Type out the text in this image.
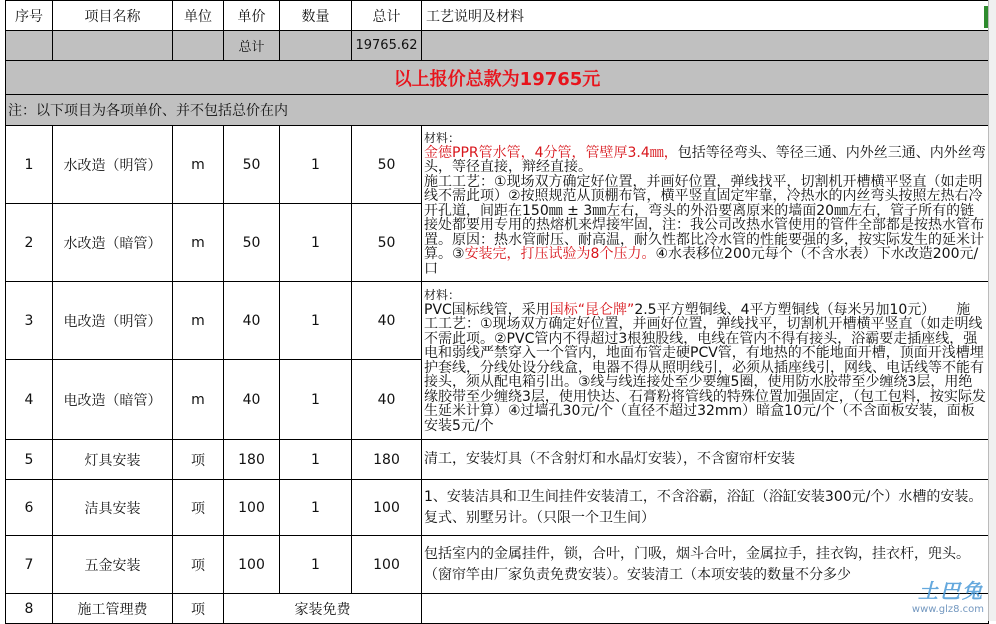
序号	项目名称	单位	单价	数量	总计	工艺说明及材料
			总计		19765.62	
以上报价总款为19765元						
注：以下项目为各项单价、并不包括总价在内						
1	水改造（明管）	m	50	1	50	材料：
金德PPR管水管，4分管，管壁厚3.4㎜，包括等径弯头、等径三通、内外丝三通、内外丝弯头，等径直接，辩经直接。
施工工艺：①现场双方确定好位置，并画好位置，弹线找平，切割机开槽横平竖直（如走明线不需此项）②按照规范从顶棚布管，横平竖直固定牢靠，冷热水的内丝弯头按照左热右冷开孔道，间距在150㎜ ± 3㎜左右，弯头的外沿要离原来的墙面20㎜左右，管子所有的链接处都要用专用的热熔机来焊接牢固，注：我公司改热水管使用的管件全部都是按热水管布置。原因：热水管耐压、耐高温，耐久性都比冷水管的性能要强的多，按实际发生的延米计算。③安装完，打压试验为8个压力。④水表移位200元每个（不含水表）下水改造200元/口
2	水改造（暗管）	m	50	1	50	
3	电改造（明管）	m	40	1	40	材料：
PVC国标线管，采用国标“昆仑牌”2.5平方塑铜线、4平方塑铜线（每米另加10元）　　施
工工艺：①现场双方确定好位置，并画好位置，弹线找平，切割机开槽横平竖直（如走明线不需此项。②PVC管内不得超过3根独股线，电线在管内不得有接头，浴霸要走插座线，强电和弱线严禁穿入一个管内，地面布管走硬PCV管，有地热的不能地面开槽，顶面开浅槽埋护套线，分线处设分线盒，电器不得从照明线引，必须从插座线引，网线、电话线等不能有接头，须从配电箱引出。③线与线连接处至少要缠5圈，使用防水胶带至少缠绕3层，用绝缘胶带至少缠绕3层，使用快达、石膏粉将管线的特殊位置加强固定，（包工包料，按实际发生延米计算）④过墙孔30元/个（直径不超过32mm）暗盒10元/个（不含面板安装，面板安装5元/个
4	电改造（暗管）	m	40	1	40	
5	灯具安装	项	180	1	180	清工，安装灯具（不含射灯和水晶灯安装），不含窗帘杆安装
6	洁具安装	项	100	1	100	1、安装洁具和卫生间挂件安装清工，不含浴霸，浴缸（浴缸安装300元/个）水槽的安装。复式、别墅另计。（只限一个卫生间）
7	五金安装	项	100	1	100	包括室内的金属挂件，锁，合叶，门吸，烟斗合叶，金属拉手，挂衣钩，挂衣杆，兜头。（窗帘竿由厂家负责免费安装）。安装清工（本项安装的数量不分多少
8	施工管理费	项	家装免费			
土巴兔
www.glz8.com
